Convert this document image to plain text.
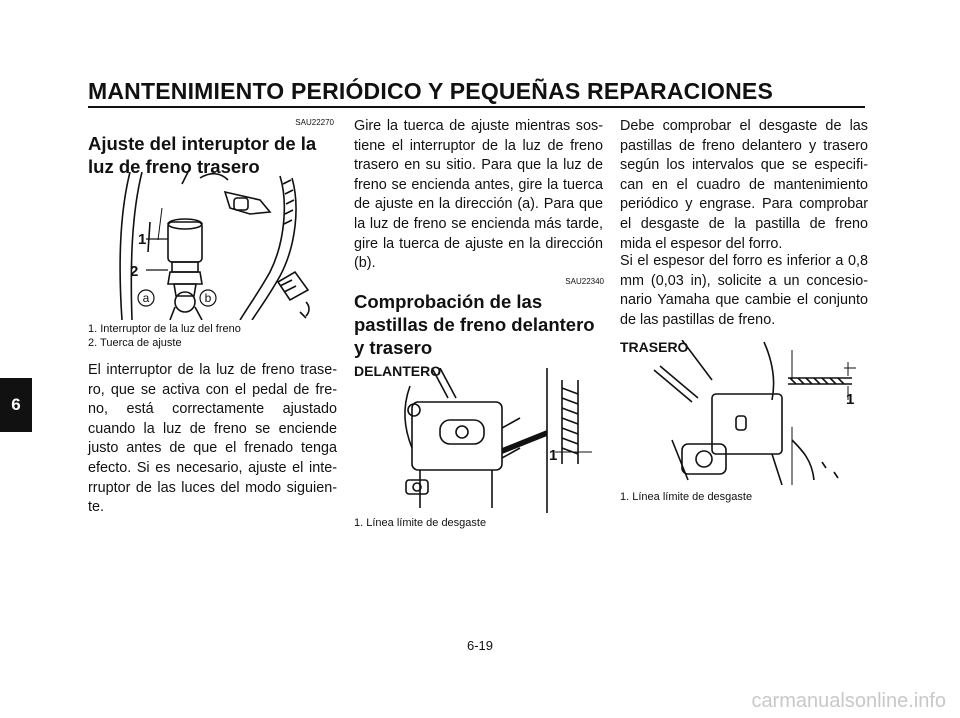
MANTENIMIENTO PERIÓDICO Y PEQUEÑAS REPARACIONES
6
SAU22270
Ajuste del interuptor de la luz de freno trasero
1
2
a	b
1. Interruptor de la luz del freno
2. Tuerca de ajuste
El interruptor de la luz de freno trase-ro, que se activa con el pedal de fre-no, está correctamente ajustado cuando la luz de freno se enciende justo antes de que el frenado tenga efecto. Si es necesario, ajuste el inte-rruptor de las luces del modo siguien-te.
Gire la tuerca de ajuste mientras sos-tiene el interruptor de la luz de freno trasero en su sitio. Para que la luz de freno se encienda antes, gire la tuerca de ajuste en la dirección (a). Para que la luz de freno se encienda más tarde, gire la tuerca de ajuste en la dirección (b).
SAU22340
Comprobación de las pastillas de freno delantero y trasero
DELANTERO
1
1. Línea límite de desgaste
Debe comprobar el desgaste de las pastillas de freno delantero y trasero según los intervalos que se especifi-can en el cuadro de mantenimiento periódico y engrase. Para comprobar el desgaste de la pastilla de freno mida el espesor del forro.
Si el espesor del forro es inferior a 0,8 mm (0,03 in), solicite a un concesio-nario Yamaha que cambie el conjunto de las pastillas de freno.
TRASERO
1
1. Línea límite de desgaste
6-19
carmanualsonline.info
